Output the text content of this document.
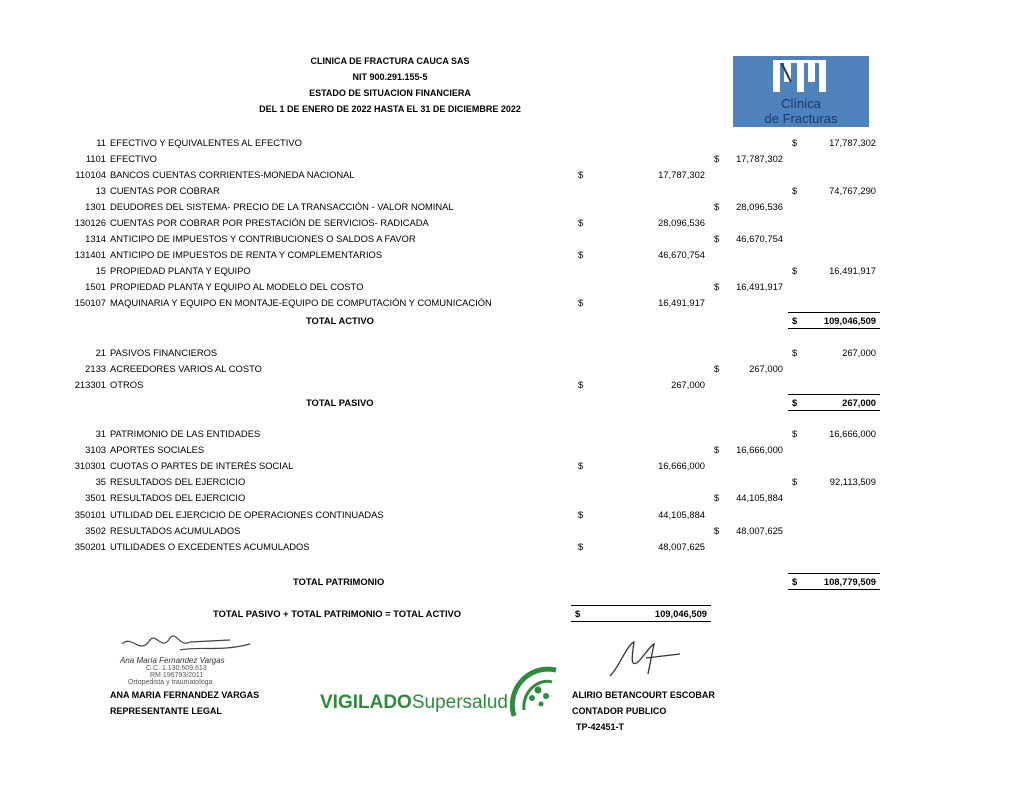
CLINICA DE FRACTURA CAUCA SAS
NIT 900.291.155-5
ESTADO DE SITUACION FINANCIERA
DEL 1 DE ENERO DE 2022 HASTA EL 31 DE DICIEMBRE 2022	Clínica
de Fracturas
11 EFECTIVO Y EQUIVALENTES AL EFECTIVO	$	17,787,302
1101 EFECTIVO	$	17,787,302
110104 BANCOS CUENTAS CORRIENTES-MONEDA NACIONAL	$	17,787,302
13 CUENTAS POR COBRAR	$	74,767,290
1301 DEUDORES DEL SISTEMA- PRECIO DE LA TRANSACCIÓN - VALOR NOMINAL	$	28,096,536
130126 CUENTAS POR COBRAR POR PRESTACIÓN DE SERVICIOS- RADICADA	$	28,096,536
1314 ANTICIPO DE IMPUESTOS Y CONTRIBUCIONES O SALDOS A FAVOR	$	46,670,754
131401 ANTICIPO DE IMPUESTOS DE RENTA Y COMPLEMENTARIOS	$	46,670,754
15 PROPIEDAD PLANTA Y EQUIPO	$	16,491,917
1501 PROPIEDAD PLANTA Y EQUIPO AL MODELO DEL COSTO	$	16,491,917
150107 MAQUINARIA Y EQUIPO EN MONTAJE-EQUIPO DE COMPUTACIÓN Y COMUNICACIÓN	$	16,491,917
21 PASIVOS FINANCIEROS	$	267,000
2133 ACREEDORES VARIOS AL COSTO	$	267,000
213301 OTROS	$	267,000
31 PATRIMONIO DE LAS ENTIDADES	$	16,666,000
3103 APORTES SOCIALES	$	16,666,000
310301 CUOTAS O PARTES DE INTERÉS SOCIAL	$	16,666,000
35 RESULTADOS DEL EJERCICIO	$	92,113,509
3501 RESULTADOS DEL EJERCICIO	$	44,105,884
350101 UTILIDAD DEL EJERCICIO DE OPERACIONES CONTINUADAS	$	44,105,884
3502 RESULTADOS ACUMULADOS	$	48,007,625
350201 UTILIDADES O EXCEDENTES ACUMULADOS	$	48,007,625
TOTAL ACTIVO	$	109,046,509
TOTAL PASIVO	$	267,000
TOTAL PATRIMONIO	$	108,779,509
TOTAL PASIVO + TOTAL PATRIMONIO = TOTAL ACTIVO	$	109,046,509
Ana María Fernandez Vargas
C.C. 1.130.609.613
RM 196793/2011
Ortopedista y traumatologa
ANA MARIA FERNANDEZ VARGAS
REPRESENTANTE LEGAL	VIGILADOSupersalud	ALIRIO BETANCOURT ESCOBAR
CONTADOR PUBLICO
TP-42451-T
